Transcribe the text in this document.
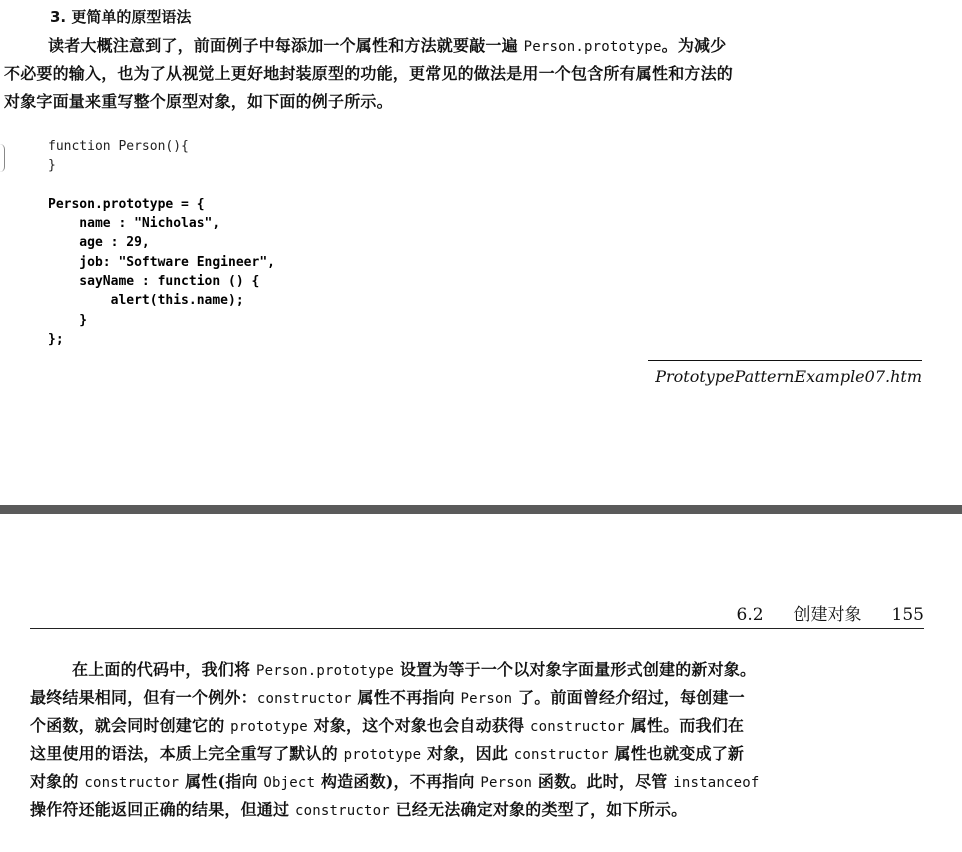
3. 更简单的原型语法
读者大概注意到了，前面例子中每添加一个属性和方法就要敲一遍 Person.prototype。为减少
不必要的输入，也为了从视觉上更好地封装原型的功能，更常见的做法是用一个包含所有属性和方法的
对象字面量来重写整个原型对象，如下面的例子所示。
function Person(){
}

Person.prototype = {
name : "Nicholas",
age : 29,
job: "Software Engineer",
sayName : function () {
alert(this.name);
}
};
PrototypePatternExample07.htm
6.2 创建对象 155
在上面的代码中，我们将 Person.prototype 设置为等于一个以对象字面量形式创建的新对象。
最终结果相同，但有一个例外：constructor 属性不再指向 Person 了。前面曾经介绍过，每创建一
个函数，就会同时创建它的 prototype 对象，这个对象也会自动获得 constructor 属性。而我们在
这里使用的语法，本质上完全重写了默认的 prototype 对象，因此 constructor 属性也就变成了新
对象的 constructor 属性(指向 Object 构造函数)，不再指向 Person 函数。此时，尽管 instanceof
操作符还能返回正确的结果，但通过 constructor 已经无法确定对象的类型了，如下所示。
